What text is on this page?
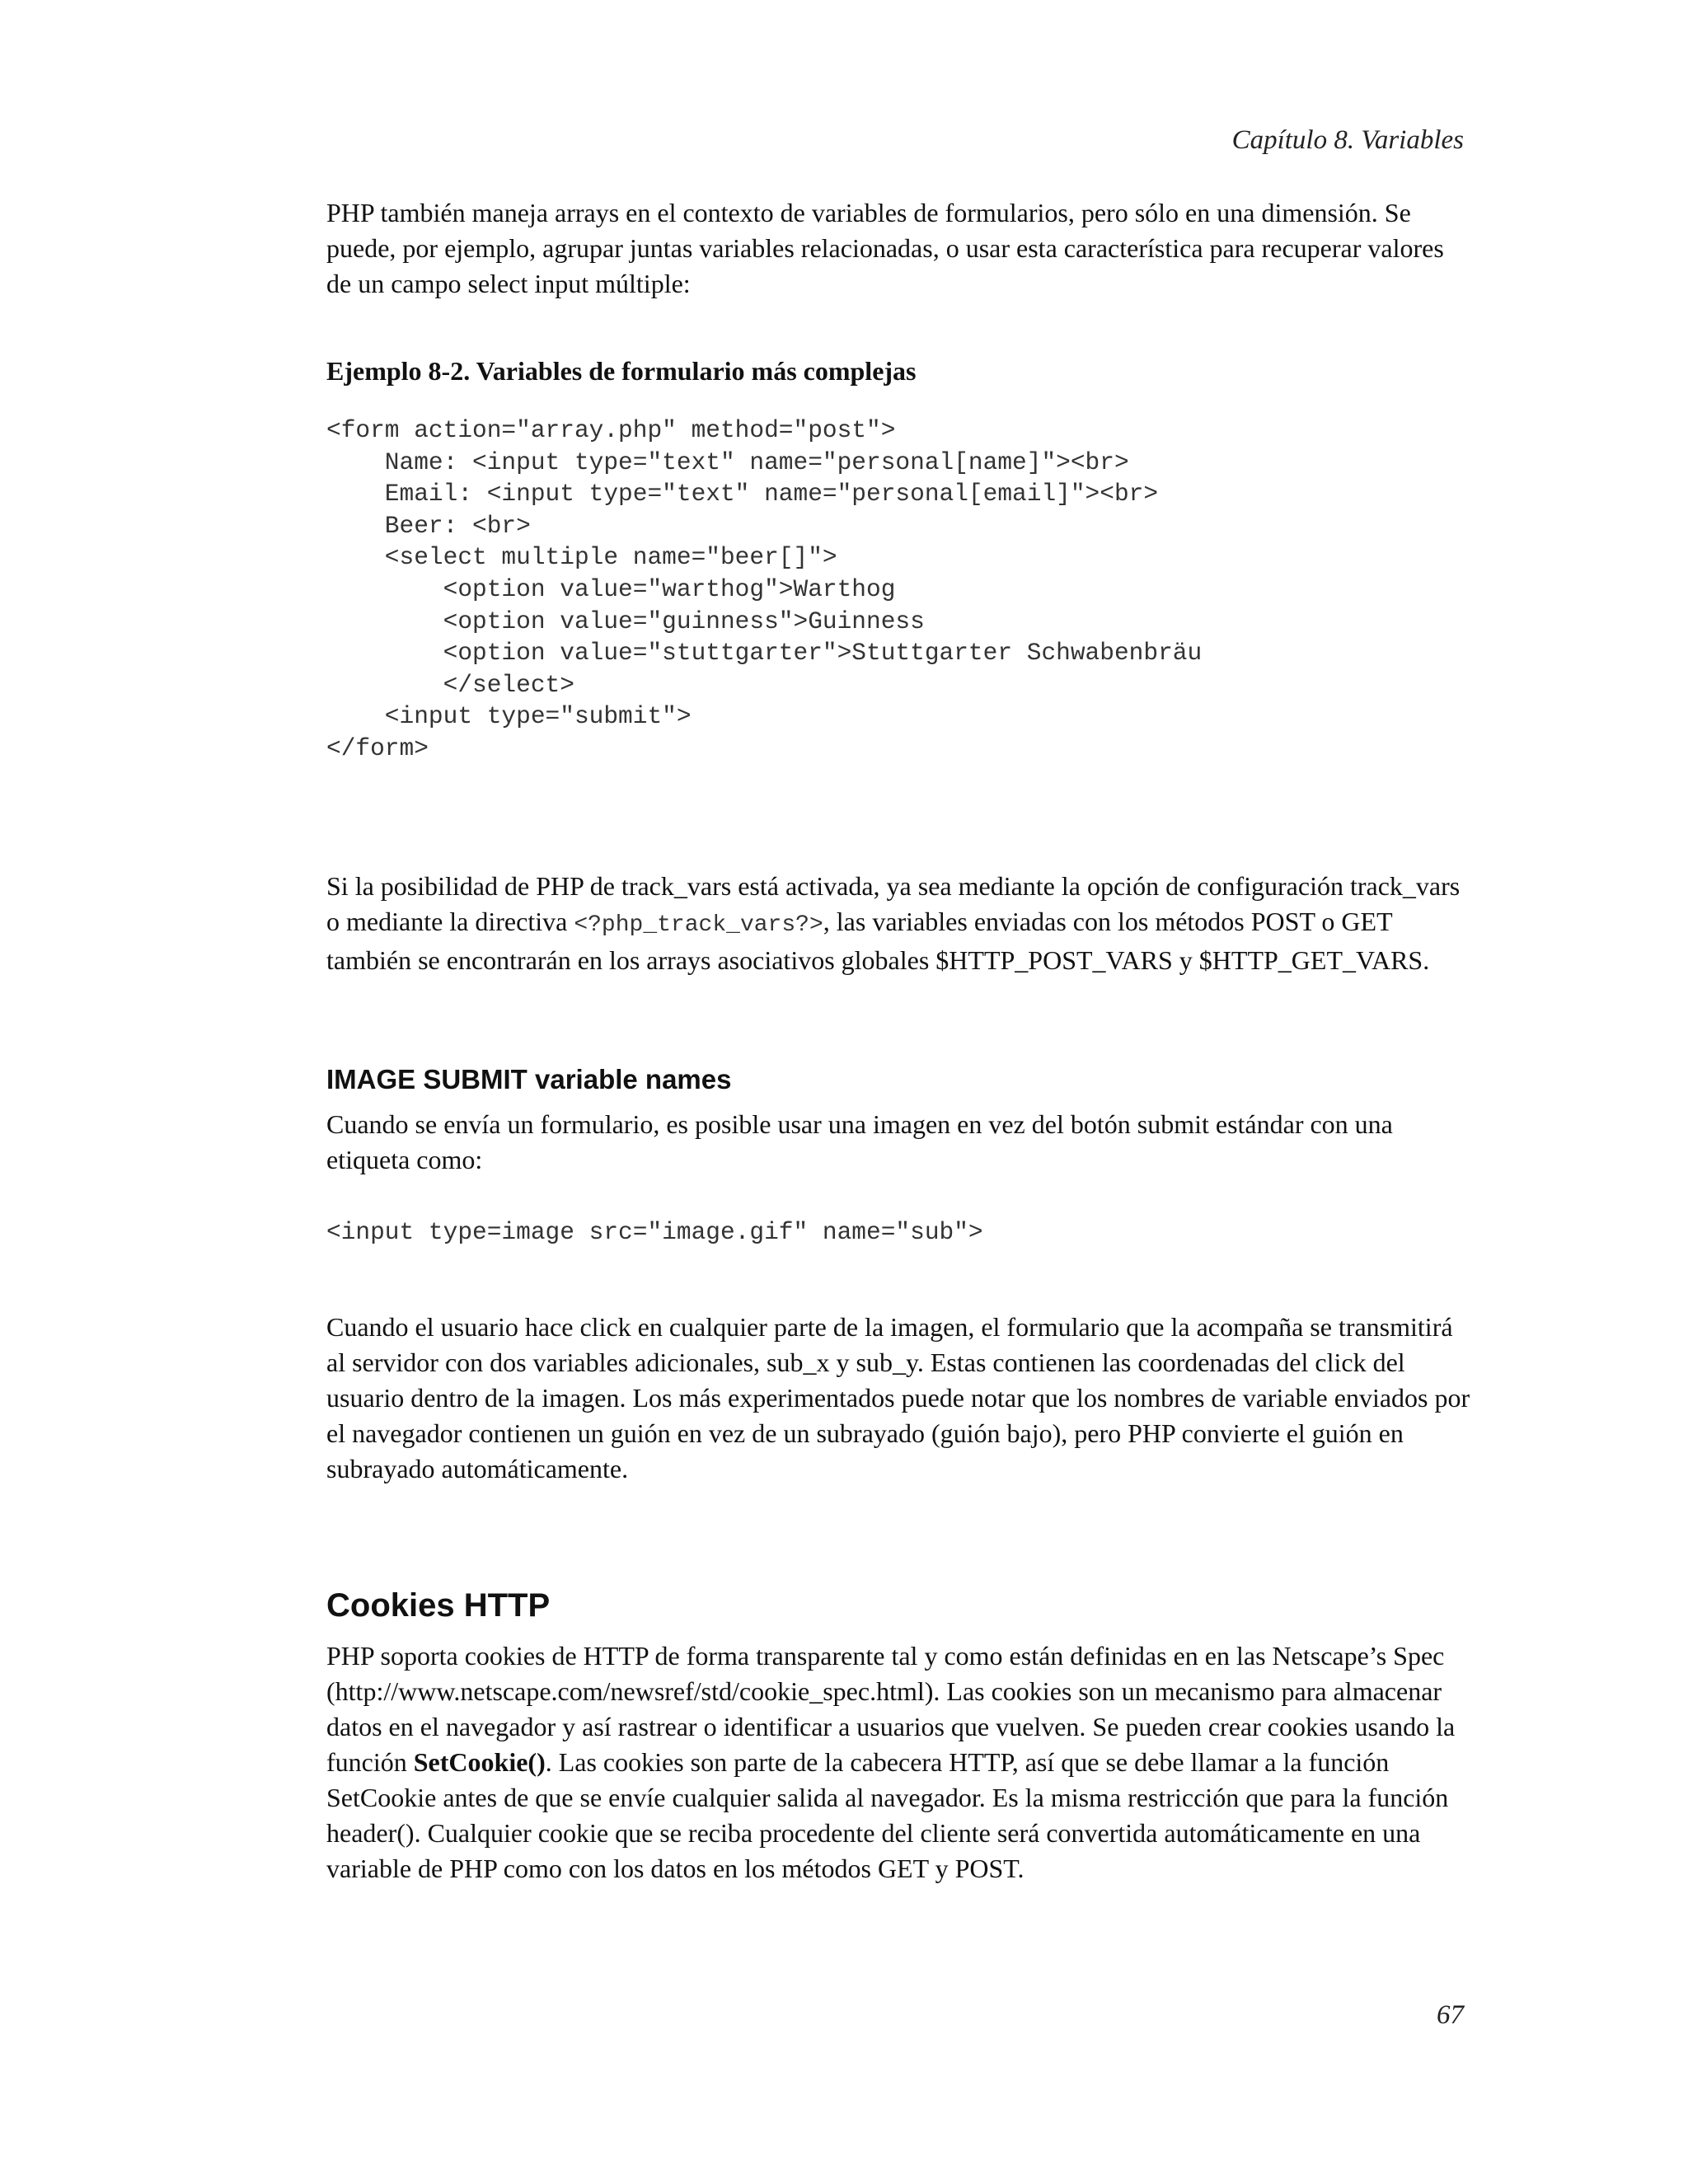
Capítulo 8. Variables

PHP también maneja arrays en el contexto de variables de formularios, pero sólo en una dimensión. Se puede, por ejemplo, agrupar juntas variables relacionadas, o usar esta característica para recuperar valores de un campo select input múltiple:

Ejemplo 8-2. Variables de formulario más complejas
<form action="array.php" method="post">
Name: <input type="text" name="personal[name]"><br>
Email: <input type="text" name="personal[email]"><br>
Beer: <br>
<select multiple name="beer[]">
<option value="warthog">Warthog
<option value="guinness">Guinness
<option value="stuttgarter">Stuttgarter Schwabenbräu
</select>
<input type="submit">
</form>

Si la posibilidad de PHP de track_vars está activada, ya sea mediante la opción de configuración track_vars o mediante la directiva <?php_track_vars?>, las variables enviadas con los métodos POST o GET también se encontrarán en los arrays asociativos globales $HTTP_POST_VARS y $HTTP_GET_VARS.

IMAGE SUBMIT variable names

Cuando se envía un formulario, es posible usar una imagen en vez del botón submit estándar con una etiqueta como:

<input type=image src="image.gif" name="sub">

Cuando el usuario hace click en cualquier parte de la imagen, el formulario que la acompaña se transmitirá al servidor con dos variables adicionales, sub_x y sub_y. Estas contienen las coordenadas del click del usuario dentro de la imagen. Los más experimentados puede notar que los nombres de variable enviados por el navegador contienen un guión en vez de un subrayado (guión bajo), pero PHP convierte el guión en subrayado automáticamente.

Cookies HTTP

PHP soporta cookies de HTTP de forma transparente tal y como están definidas en en las Netscape’s Spec (http://www.netscape.com/newsref/std/cookie_spec.html). Las cookies son un mecanismo para almacenar datos en el navegador y así rastrear o identificar a usuarios que vuelven. Se pueden crear cookies usando la función SetCookie(). Las cookies son parte de la cabecera HTTP, así que se debe llamar a la función SetCookie antes de que se envíe cualquier salida al navegador. Es la misma restricción que para la función header(). Cualquier cookie que se reciba procedente del cliente será convertida automáticamente en una variable de PHP como con los datos en los métodos GET y POST.

67
